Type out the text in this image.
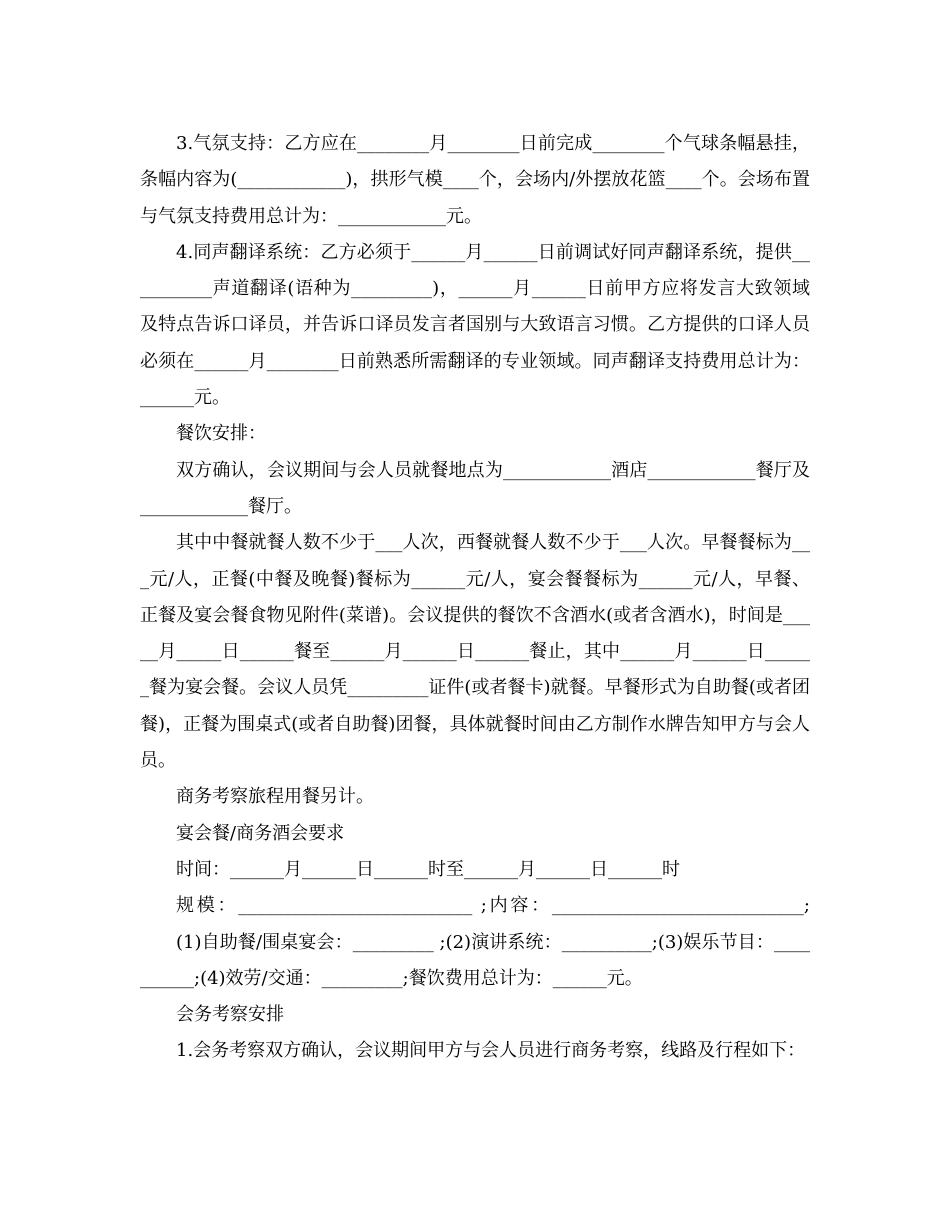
3.气氛支持：乙方应在________月________日前完成________个气球条幅悬挂，条幅内容为(____________)，拱形气模____个，会场内/外摆放花篮____个。会场布置与气氛支持费用总计为：____________元。

4.同声翻译系统：乙方必须于______月______日前调试好同声翻译系统，提供__________声道翻译(语种为_________)，______月______日前甲方应将发言大致领域及特点告诉口译员，并告诉口译员发言者国别与大致语言习惯。乙方提供的口译人员必须在______月________日前熟悉所需翻译的专业领域。同声翻译支持费用总计为：______元。

餐饮安排：

双方确认，会议期间与会人员就餐地点为____________酒店____________餐厅及____________餐厅。

其中中餐就餐人数不少于___人次，西餐就餐人数不少于___人次。早餐餐标为___元/人，正餐(中餐及晚餐)餐标为______元/人，宴会餐餐标为______元/人，早餐、正餐及宴会餐食物见附件(菜谱)。会议提供的餐饮不含酒水(或者含酒水)，时间是_____月_____日______餐至______月______日______餐止，其中______月______日______餐为宴会餐。会议人员凭_________证件(或者餐卡)就餐。早餐形式为自助餐(或者团餐)，正餐为围桌式(或者自助餐)团餐，具体就餐时间由乙方制作水牌告知甲方与会人员。

商务考察旅程用餐另计。

宴会餐/商务酒会要求

时间：______月______日______时至______月______日______时

规模：__________________________ ;内容：____________________________;

(1)自助餐/围桌宴会：_________ ;(2)演讲系统：__________;(3)娱乐节目：__________;(4)效劳/交通：_________;餐饮费用总计为：______元。

会务考察安排

1.会务考察双方确认，会议期间甲方与会人员进行商务考察，线路及行程如下：
